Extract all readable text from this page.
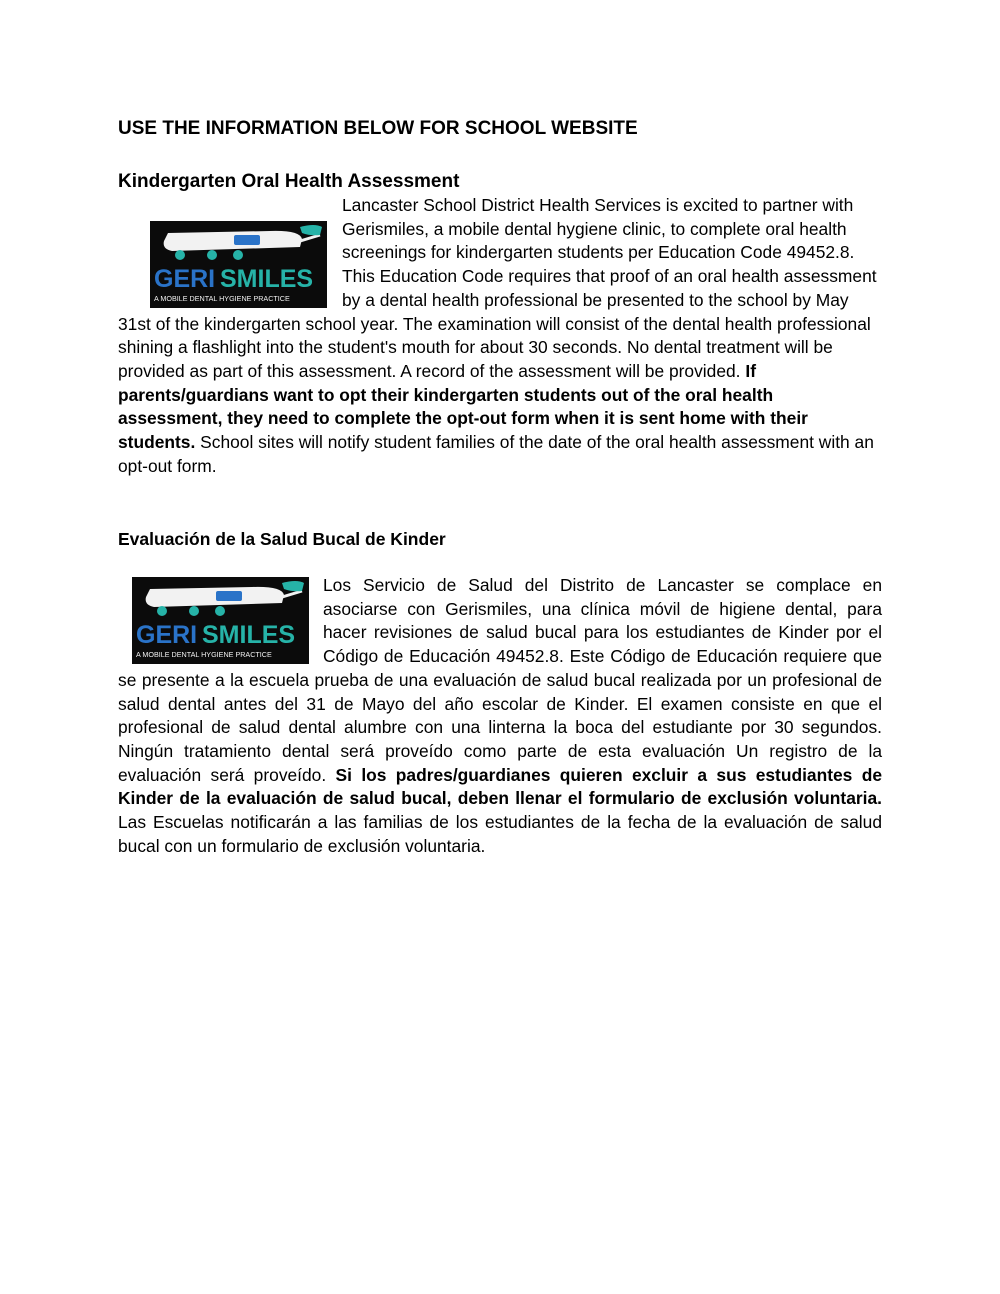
USE THE INFORMATION BELOW FOR SCHOOL WEBSITE
Kindergarten Oral Health Assessment
GERI SMILES
A MOBILE DENTAL HYGIENE PRACTICE
Lancaster School District Health Services is excited to partner with Gerismiles, a mobile dental hygiene clinic, to complete oral health screenings for kindergarten students per Education Code 49452.8. This Education Code requires that proof of an oral health assessment by a dental health professional be presented to the school by May 31st of the kindergarten school year. The examination will consist of the dental health professional shining a flashlight into the student's mouth for about 30 seconds. No dental treatment will be provided as part of this assessment. A record of the assessment will be provided. If parents/guardians want to opt their kindergarten students out of the oral health assessment, they need to complete the opt-out form when it is sent home with their students. School sites will notify student families of the date of the oral health assessment with an opt-out form.
Evaluación de la Salud Bucal de Kinder
GERI SMILES
A MOBILE DENTAL HYGIENE PRACTICE
Los Servicio de Salud del Distrito de Lancaster se complace en asociarse con Gerismiles, una clínica móvil de higiene dental, para hacer revisiones de salud bucal para los estudiantes de Kinder por el Código de Educación 49452.8. Este Código de Educación requiere que se presente a la escuela prueba de una evaluación de salud bucal realizada por un profesional de salud dental antes del 31 de Mayo del año escolar de Kinder. El examen consiste en que el profesional de salud dental alumbre con una linterna la boca del estudiante por 30 segundos. Ningún tratamiento dental será proveído como parte de esta evaluación Un registro de la evaluación será proveído. Si los padres/guardianes quieren excluir a sus estudiantes de Kinder de la evaluación de salud bucal, deben llenar el formulario de exclusión voluntaria. Las Escuelas notificarán a las familias de los estudiantes de la fecha de la evaluación de salud bucal con un formulario de exclusión voluntaria.
